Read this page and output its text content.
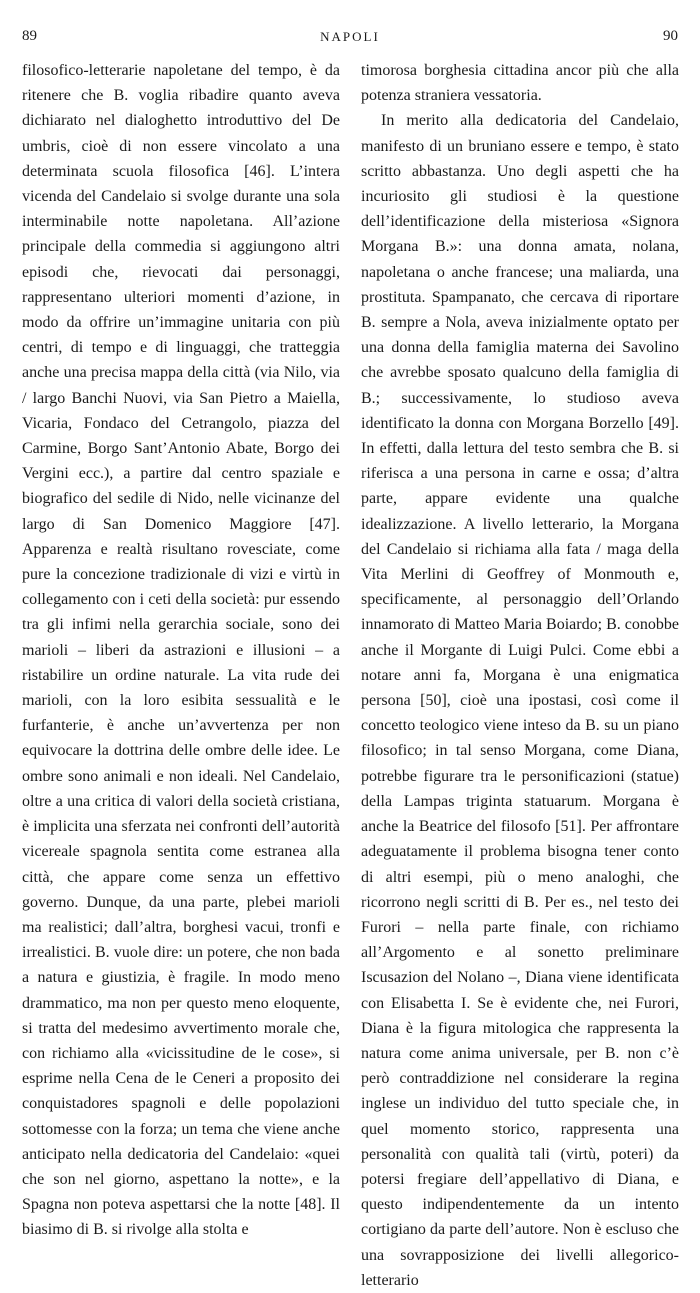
89	NAPOLI	90

filosofico-letterarie napoletane del tempo, è da ritenere che B. voglia ribadire quanto aveva dichiarato nel dialoghetto introduttivo del De umbris, cioè di non essere vincolato a una determinata scuola filosofica [46]. L’intera vicenda del Candelaio si svolge durante una sola interminabile notte napoletana. All’azione principale della commedia si aggiungono altri episodi che, rievocati dai personaggi, rappresentano ulteriori momenti d’azione, in modo da offrire un’immagine unitaria con più centri, di tempo e di linguaggi, che tratteggia anche una precisa mappa della città (via Nilo, via / largo Banchi Nuovi, via San Pietro a Maiella, Vicaria, Fondaco del Cetrangolo, piazza del Carmine, Borgo Sant’Antonio Abate, Borgo dei Vergini ecc.), a partire dal centro spaziale e biografico del sedile di Nido, nelle vicinanze del largo di San Domenico Maggiore [47]. Apparenza e realtà risultano rovesciate, come pure la concezione tradizionale di vizi e virtù in collegamento con i ceti della società: pur essendo tra gli infimi nella gerarchia sociale, sono dei marioli – liberi da astrazioni e illusioni – a ristabilire un ordine naturale. La vita rude dei marioli, con la loro esibita sessualità e le furfanterie, è anche un’avvertenza per non equivocare la dottrina delle ombre delle idee. Le ombre sono animali e non ideali. Nel Candelaio, oltre a una critica di valori della società cristiana, è implicita una sferzata nei confronti dell’autorità vicereale spagnola sentita come estranea alla città, che appare come senza un effettivo governo. Dunque, da una parte, plebei marioli ma realistici; dall’altra, borghesi vacui, tronfi e irrealistici. B. vuole dire: un potere, che non bada a natura e giustizia, è fragile. In modo meno drammatico, ma non per questo meno eloquente, si tratta del medesimo avvertimento morale che, con richiamo alla «vicissitudine de le cose», si esprime nella Cena de le Ceneri a proposito dei conquistadores spagnoli e delle popolazioni sottomesse con la forza; un tema che viene anche anticipato nella dedicatoria del Candelaio: «quei che son nel giorno, aspettano la notte», e la Spagna non poteva aspettarsi che la notte [48]. Il biasimo di B. si rivolge alla stolta e

timorosa borghesia cittadina ancor più che alla potenza straniera vessatoria.

In merito alla dedicatoria del Candelaio, manifesto di un bruniano essere e tempo, è stato scritto abbastanza. Uno degli aspetti che ha incuriosito gli studiosi è la questione dell’identificazione della misteriosa «Signora Morgana B.»: una donna amata, nolana, napoletana o anche francese; una maliarda, una prostituta. Spampanato, che cercava di riportare B. sempre a Nola, aveva inizialmente optato per una donna della famiglia materna dei Savolino che avrebbe sposato qualcuno della famiglia di B.; successivamente, lo studioso aveva identificato la donna con Morgana Borzello [49]. In effetti, dalla lettura del testo sembra che B. si riferisca a una persona in carne e ossa; d’altra parte, appare evidente una qualche idealizzazione. A livello letterario, la Morgana del Candelaio si richiama alla fata / maga della Vita Merlini di Geoffrey of Monmouth e, specificamente, al personaggio dell’Orlando innamorato di Matteo Maria Boiardo; B. conobbe anche il Morgante di Luigi Pulci. Come ebbi a notare anni fa, Morgana è una enigmatica persona [50], cioè una ipostasi, così come il concetto teologico viene inteso da B. su un piano filosofico; in tal senso Morgana, come Diana, potrebbe figurare tra le personificazioni (statue) della Lampas triginta statuarum. Morgana è anche la Beatrice del filosofo [51]. Per affrontare adeguatamente il problema bisogna tener conto di altri esempi, più o meno analoghi, che ricorrono negli scritti di B. Per es., nel testo dei Furori – nella parte finale, con richiamo all’Argomento e al sonetto preliminare Iscusazion del Nolano –, Diana viene identificata con Elisabetta I. Se è evidente che, nei Furori, Diana è la figura mitologica che rappresenta la natura come anima universale, per B. non c’è però contraddizione nel considerare la regina inglese un individuo del tutto speciale che, in quel momento storico, rappresenta una personalità con qualità tali (virtù, poteri) da potersi fregiare dell’appellativo di Diana, e questo indipendentemente da un intento cortigiano da parte dell’autore. Non è escluso che una sovrapposizione dei livelli allegorico-letterario
